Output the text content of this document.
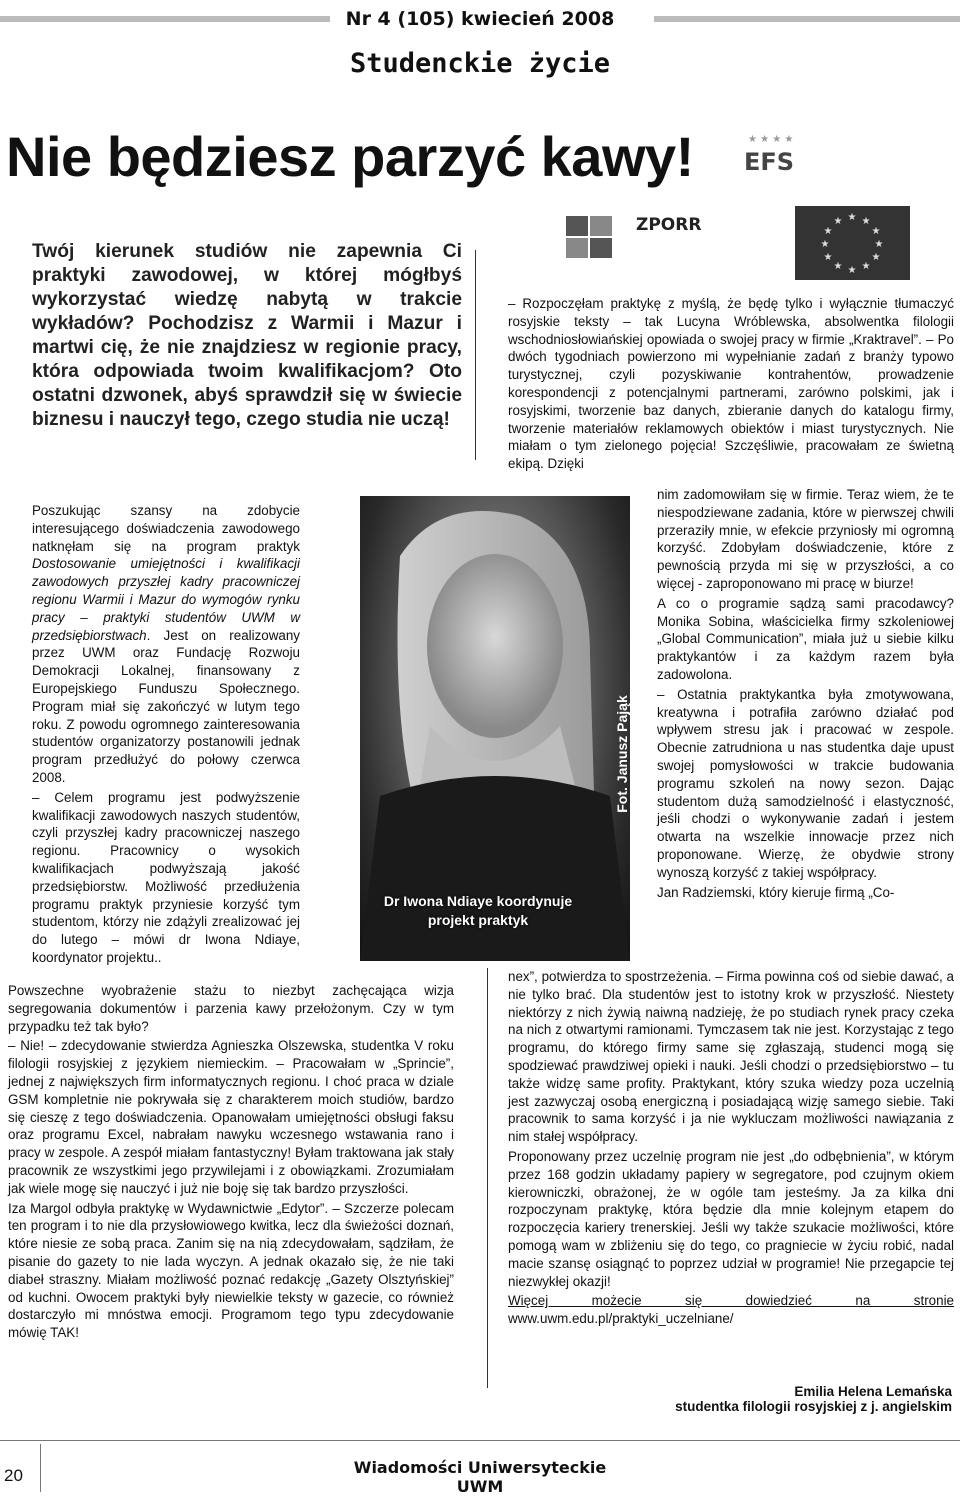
Nr 4 (105) kwiecień 2008
Studenckie życie
Nie będziesz parzyć kawy!	★ ★ ★ ★
EFS
ZPORR	★ ★
★
★
★
★
★
★
★
★
★
★
Twój kierunek studiów nie zapewnia Ci praktyki zawodowej, w której mógłbyś wykorzystać wiedzę nabytą w trakcie wykładów? Pochodzisz z Warmii i Mazur i martwi cię, że nie znajdziesz w regionie pracy, która odpowiada twoim kwalifikacjom? Oto ostatni dzwonek, abyś sprawdził się w świecie biznesu i nauczył tego, czego studia nie uczą!

Poszukując szansy na zdobycie interesującego doświadczenia zawodowego natknęłam się na program praktyk Dostosowanie umiejętności i kwalifikacji zawodowych przyszłej kadry pracowniczej regionu Warmii i Mazur do wymogów rynku pracy – praktyki studentów UWM w przedsiębiorstwach. Jest on realizowany przez UWM oraz Fundację Rozwoju Demokracji Lokalnej, finansowany z Europejskiego Funduszu Społecznego. Program miał się zakończyć w lutym tego roku. Z powodu ogromnego zainteresowania studentów organizatorzy postanowili jednak program przedłużyć do połowy czerwca 2008.

– Celem programu jest podwyższenie kwalifikacji zawodowych naszych studentów, czyli przyszłej kadry pracowniczej naszego regionu. Pracownicy o wysokich kwalifikacjach podwyższają jakość przedsiębiorstw. Możliwość przedłużenia programu praktyk przyniesie korzyść tym studentom, którzy nie zdążyli zrealizować jej do lutego – mówi dr Iwona Ndiaye, koordynator projektu..

Dr Iwona Ndiaye koordynuje
projekt praktyk
Fot. Janusz Pająk

Powszechne wyobrażenie stażu to niezbyt zachęcająca wizja segregowania dokumentów i parzenia kawy przełożonym. Czy w tym przypadku też tak było?

– Nie! – zdecydowanie stwierdza Agnieszka Olszewska, studentka V roku filologii rosyjskiej z językiem niemieckim. – Pracowałam w „Sprincie”, jednej z największych firm informatycznych regionu. I choć praca w dziale GSM kompletnie nie pokrywała się z charakterem moich studiów, bardzo się cieszę z tego doświadczenia. Opanowałam umiejętności obsługi faksu oraz programu Excel, nabrałam nawyku wczesnego wstawania rano i pracy w zespole. A zespół miałam fantastyczny! Byłam traktowana jak stały pracownik ze wszystkimi jego przywilejami i z obowiązkami. Zrozumiałam jak wiele mogę się nauczyć i już nie boję się tak bardzo przyszłości.

Iza Margol odbyła praktykę w Wydawnictwie „Edytor”. – Szczerze polecam ten program i to nie dla przysłowiowego kwitka, lecz dla świeżości doznań, które niesie ze sobą praca. Zanim się na nią zdecydowałam, sądziłam, że pisanie do gazety to nie lada wyczyn. A jednak okazało się, że nie taki diabeł straszny. Miałam możliwość poznać redakcję „Gazety Olsztyńskiej” od kuchni. Owocem praktyki były niewielkie teksty w gazecie, co również dostarczyło mi mnóstwa emocji. Programom tego typu zdecydowanie mówię TAK!

– Rozpoczęłam praktykę z myślą, że będę tylko i wyłącznie tłumaczyć rosyjskie teksty – tak Lucyna Wróblewska, absolwentka filologii wschodniosłowiańskiej opowiada o swojej pracy w firmie „Kraktravel”. – Po dwóch tygodniach powierzono mi wypełnianie zadań z branży typowo turystycznej, czyli pozyskiwanie kontrahentów, prowadzenie korespondencji z potencjalnymi partnerami, zarówno polskimi, jak i rosyjskimi, tworzenie baz danych, zbieranie danych do katalogu firmy, tworzenie materiałów reklamowych obiektów i miast turystycznych. Nie miałam o tym zielonego pojęcia! Szczęśliwie, pracowałam ze świetną ekipą. Dzięki

nim zadomowiłam się w firmie. Teraz wiem, że te niespodziewane zadania, które w pierwszej chwili przeraziły mnie, w efekcie przyniosły mi ogromną korzyść. Zdobyłam doświadczenie, które z pewnością przyda mi się w przyszłości, a co więcej - zaproponowano mi pracę w biurze!

A co o programie sądzą sami pracodawcy? Monika Sobina, właścicielka firmy szkoleniowej „Global Communication”, miała już u siebie kilku praktykantów i za każdym razem była zadowolona.

– Ostatnia praktykantka była zmotywowana, kreatywna i potrafiła zarówno działać pod wpływem stresu jak i pracować w zespole. Obecnie zatrudniona u nas studentka daje upust swojej pomysłowości w trakcie budowania programu szkoleń na nowy sezon. Dając studentom dużą samodzielność i elastyczność, jeśli chodzi o wykonywanie zadań i jestem otwarta na wszelkie innowacje przez nich proponowane. Wierzę, że obydwie strony wynoszą korzyść z takiej współpracy.

Jan Radziemski, który kieruje firmą „Co-

nex”, potwierdza to spostrzeżenia. – Firma powinna coś od siebie dawać, a nie tylko brać. Dla studentów jest to istotny krok w przyszłość. Niestety niektórzy z nich żywią naiwną nadzieję, że po studiach rynek pracy czeka na nich z otwartymi ramionami. Tymczasem tak nie jest. Korzystając z tego programu, do którego firmy same się zgłaszają, studenci mogą się spodziewać prawdziwej opieki i nauki. Jeśli chodzi o przedsiębiorstwo – tu także widzę same profity. Praktykant, który szuka wiedzy poza uczelnią jest zazwyczaj osobą energiczną i posiadającą wizję samego siebie. Taki pracownik to sama korzyść i ja nie wykluczam możliwości nawiązania z nim stałej współpracy.

Proponowany przez uczelnię program nie jest „do odbębnienia”, w którym przez 168 godzin układamy papiery w segregatore, pod czujnym okiem kierowniczki, obrażonej, że w ogóle tam jesteśmy. Ja za kilka dni rozpoczynam praktykę, która będzie dla mnie kolejnym etapem do rozpoczęcia kariery trenerskiej. Jeśli wy także szukacie możliwości, które pomogą wam w zbliżeniu się do tego, co pragniecie w życiu robić, nadal macie szansę osiągnąć to poprzez udział w programie! Nie przegapcie tej niezwykłej okazji!

Więcej możecie się dowiedzieć na stronie www.uwm.edu.pl/praktyki_uczelniane/

Emilia Helena Lemańska
studentka filologii rosyjskiej z j. angielskim
20	Wiadomości Uniwersyteckie UWM
